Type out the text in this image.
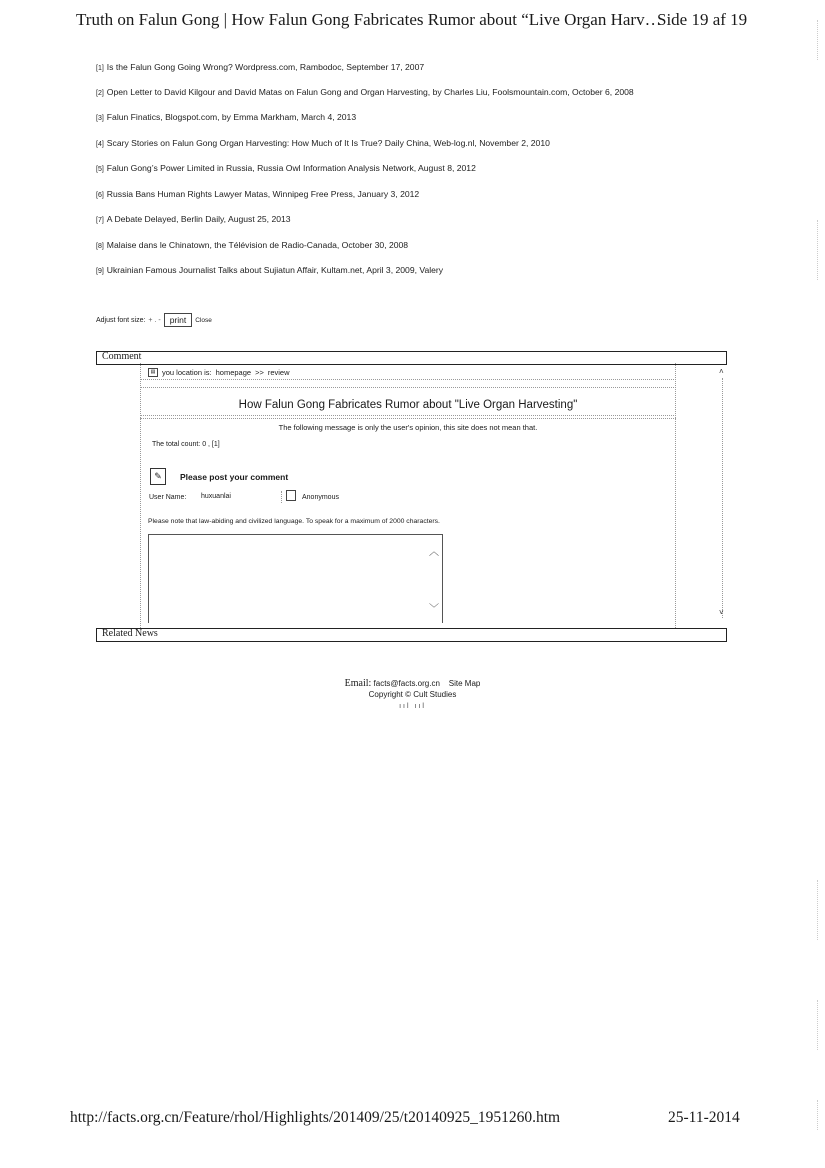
Truth on Falun Gong | How Falun Gong Fabricates Rumor about “Live Organ Harv…
Side 19 af 19
[1] Is the Falun Gong Going Wrong? Wordpress.com, Rambodoc, September 17, 2007
[2] Open Letter to David Kilgour and David Matas on Falun Gong and Organ Harvesting, by Charles Liu, Foolsmountain.com, October 6, 2008
[3] Falun Finatics, Blogspot.com, by Emma Markham, March 4, 2013
[4] Scary Stories on Falun Gong Organ Harvesting: How Much of It Is True? Daily China, Web-log.nl, November 2, 2010
[5] Falun Gong’s Power Limited in Russia, Russia Owl Information Analysis Network, August 8, 2012
[6] Russia Bans Human Rights Lawyer Matas, Winnipeg Free Press, January 3, 2012
[7] A Debate Delayed, Berlin Daily, August 25, 2013
[8] Malaise dans le Chinatown, the Télévision de Radio-Canada, October 30, 2008
[9] Ukrainian Famous Journalist Talks about Sujiatun Affair, Kultam.net, April 3, 2009, Valery
Adjust font size: + . -	print	Close
Comment
▤ you location is: homepage >> review
How Falun Gong Fabricates Rumor about "Live Organ Harvesting"
The following message is only the user's opinion, this site does not mean that.
The total count: 0 , [1]
✎	Please post your comment
User Name:	huxuanlai	Anonymous
Please note that law-abiding and civilized language. To speak for a maximum of 2000 characters.
︿
﹀
˄
˅
Related News
Email: facts@facts.org.cn Site Map
Copyright © Cult Studies
ııl ııl
http://facts.org.cn/Feature/rhol/Highlights/201409/25/t20140925_1951260.htm	25-11-2014
